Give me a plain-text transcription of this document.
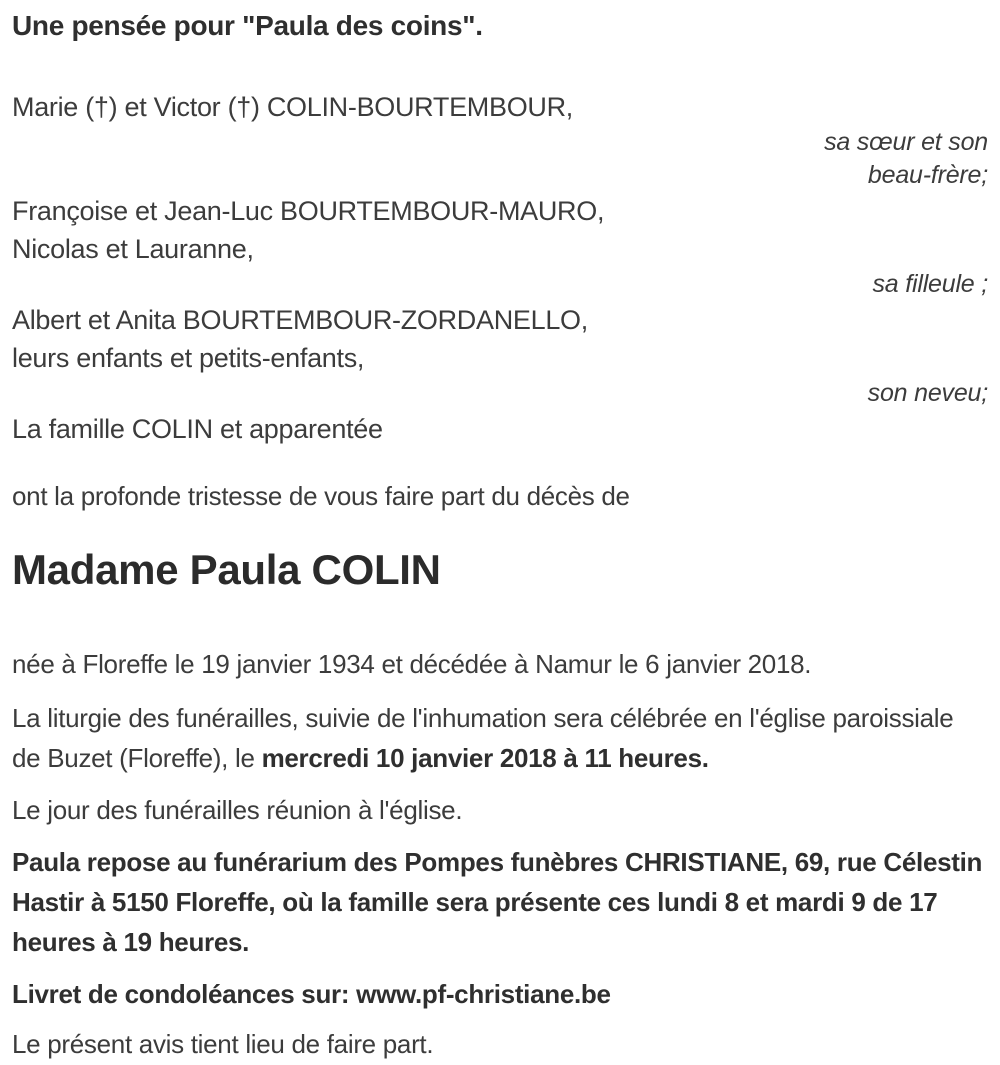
Une pensée pour "Paula des coins".

Marie (†) et Victor (†) COLIN-BOURTEMBOUR,

sa sœur et son beau-frère;

Françoise et Jean-Luc BOURTEMBOUR-MAURO,

Nicolas et Lauranne,

sa filleule ;

Albert et Anita BOURTEMBOUR-ZORDANELLO,

leurs enfants et petits-enfants,

son neveu;

La famille COLIN et apparentée

ont la profonde tristesse de vous faire part du décès de

Madame Paula COLIN

née à Floreffe le 19 janvier 1934 et décédée à Namur le 6 janvier 2018.

La liturgie des funérailles, suivie de l'inhumation sera célébrée en l'église paroissiale de Buzet (Floreffe), le mercredi 10 janvier 2018 à 11 heures.

Le jour des funérailles réunion à l'église.

Paula repose au funérarium des Pompes funèbres CHRISTIANE, 69, rue Célestin Hastir à 5150 Floreffe, où la famille sera présente ces lundi 8 et mardi 9 de 17 heures à 19 heures.

Livret de condoléances sur: www.pf-christiane.be

Le présent avis tient lieu de faire part.
